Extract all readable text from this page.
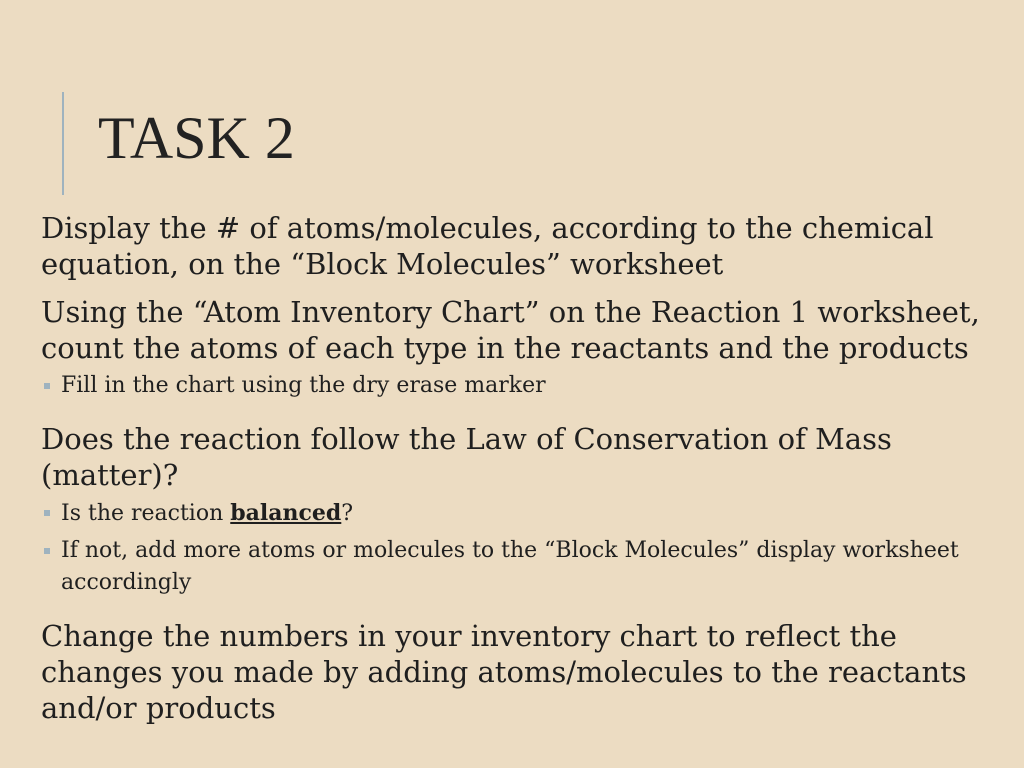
TASK 2

Display the # of atoms/molecules, according to the chemical equation, on the “Block Molecules” worksheet

Using the “Atom Inventory Chart” on the Reaction 1 worksheet, count the atoms of each type in the reactants and the products

Fill in the chart using the dry erase marker

Does the reaction follow the Law of Conservation of Mass (matter)?

Is the reaction balanced?
If not, add more atoms or molecules to the “Block Molecules” display worksheet accordingly

Change the numbers in your inventory chart to reflect the changes you made by adding atoms/molecules to the reactants and/or products
